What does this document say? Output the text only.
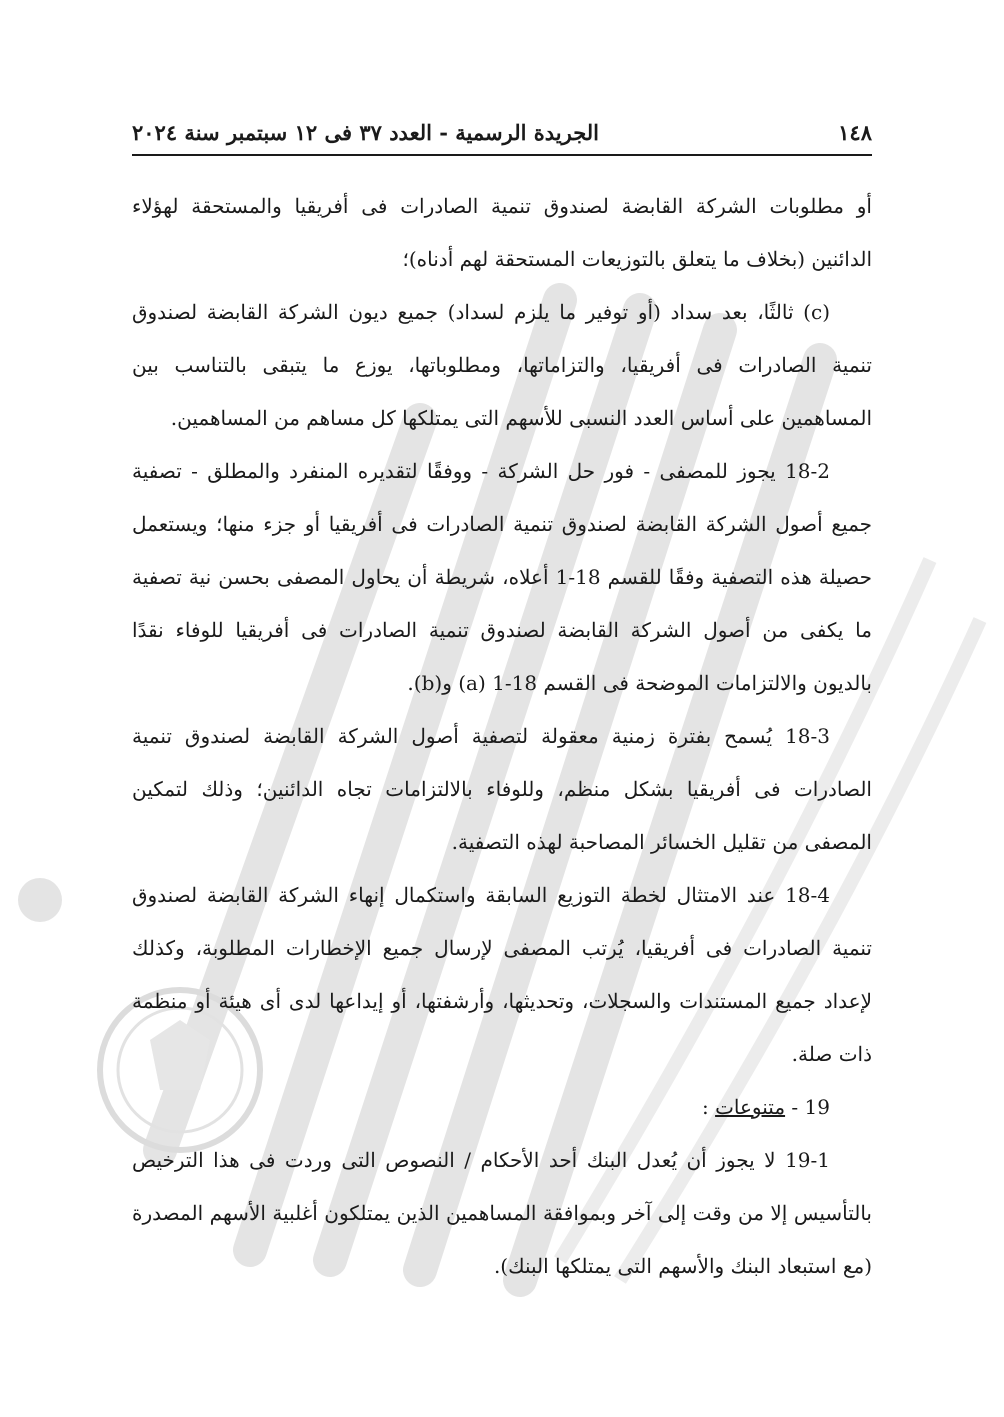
١٤٨
الجريدة الرسمية - العدد ٣٧ فى ١٢ سبتمبر سنة ٢٠٢٤

أو مطلوبات الشركة القابضة لصندوق تنمية الصادرات فى أفريقيا والمستحقة لهؤلاء الدائنين (بخلاف ما يتعلق بالتوزيعات المستحقة لهم أدناه)؛

(c) ثالثًا، بعد سداد (أو توفير ما يلزم لسداد) جميع ديون الشركة القابضة لصندوق تنمية الصادرات فى أفريقيا، والتزاماتها، ومطلوباتها، يوزع ما يتبقى بالتناسب بين المساهمين على أساس العدد النسبى للأسهم التى يمتلكها كل مساهم من المساهمين.

18-2 يجوز للمصفى - فور حل الشركة - ووفقًا لتقديره المنفرد والمطلق - تصفية جميع أصول الشركة القابضة لصندوق تنمية الصادرات فى أفريقيا أو جزء منها؛ ويستعمل حصيلة هذه التصفية وفقًا للقسم 18-1 أعلاه، شريطة أن يحاول المصفى بحسن نية تصفية ما يكفى من أصول الشركة القابضة لصندوق تنمية الصادرات فى أفريقيا للوفاء نقدًا بالديون والالتزامات الموضحة فى القسم 18-1 (a) و(b).

18-3 يُسمح بفترة زمنية معقولة لتصفية أصول الشركة القابضة لصندوق تنمية الصادرات فى أفريقيا بشكل منظم، وللوفاء بالالتزامات تجاه الدائنين؛ وذلك لتمكين المصفى من تقليل الخسائر المصاحبة لهذه التصفية.

18-4 عند الامتثال لخطة التوزيع السابقة واستكمال إنهاء الشركة القابضة لصندوق تنمية الصادرات فى أفريقيا، يُرتب المصفى لإرسال جميع الإخطارات المطلوبة، وكذلك لإعداد جميع المستندات والسجلات، وتحديثها، وأرشفتها، أو إيداعها لدى أى هيئة أو منظمة ذات صلة.

19 - متنوعات :

19-1 لا يجوز أن يُعدل البنك أحد الأحكام / النصوص التى وردت فى هذا الترخيص بالتأسيس إلا من وقت إلى آخر وبموافقة المساهمين الذين يمتلكون أغلبية الأسهم المصدرة (مع استبعاد البنك والأسهم التى يمتلكها البنك).
